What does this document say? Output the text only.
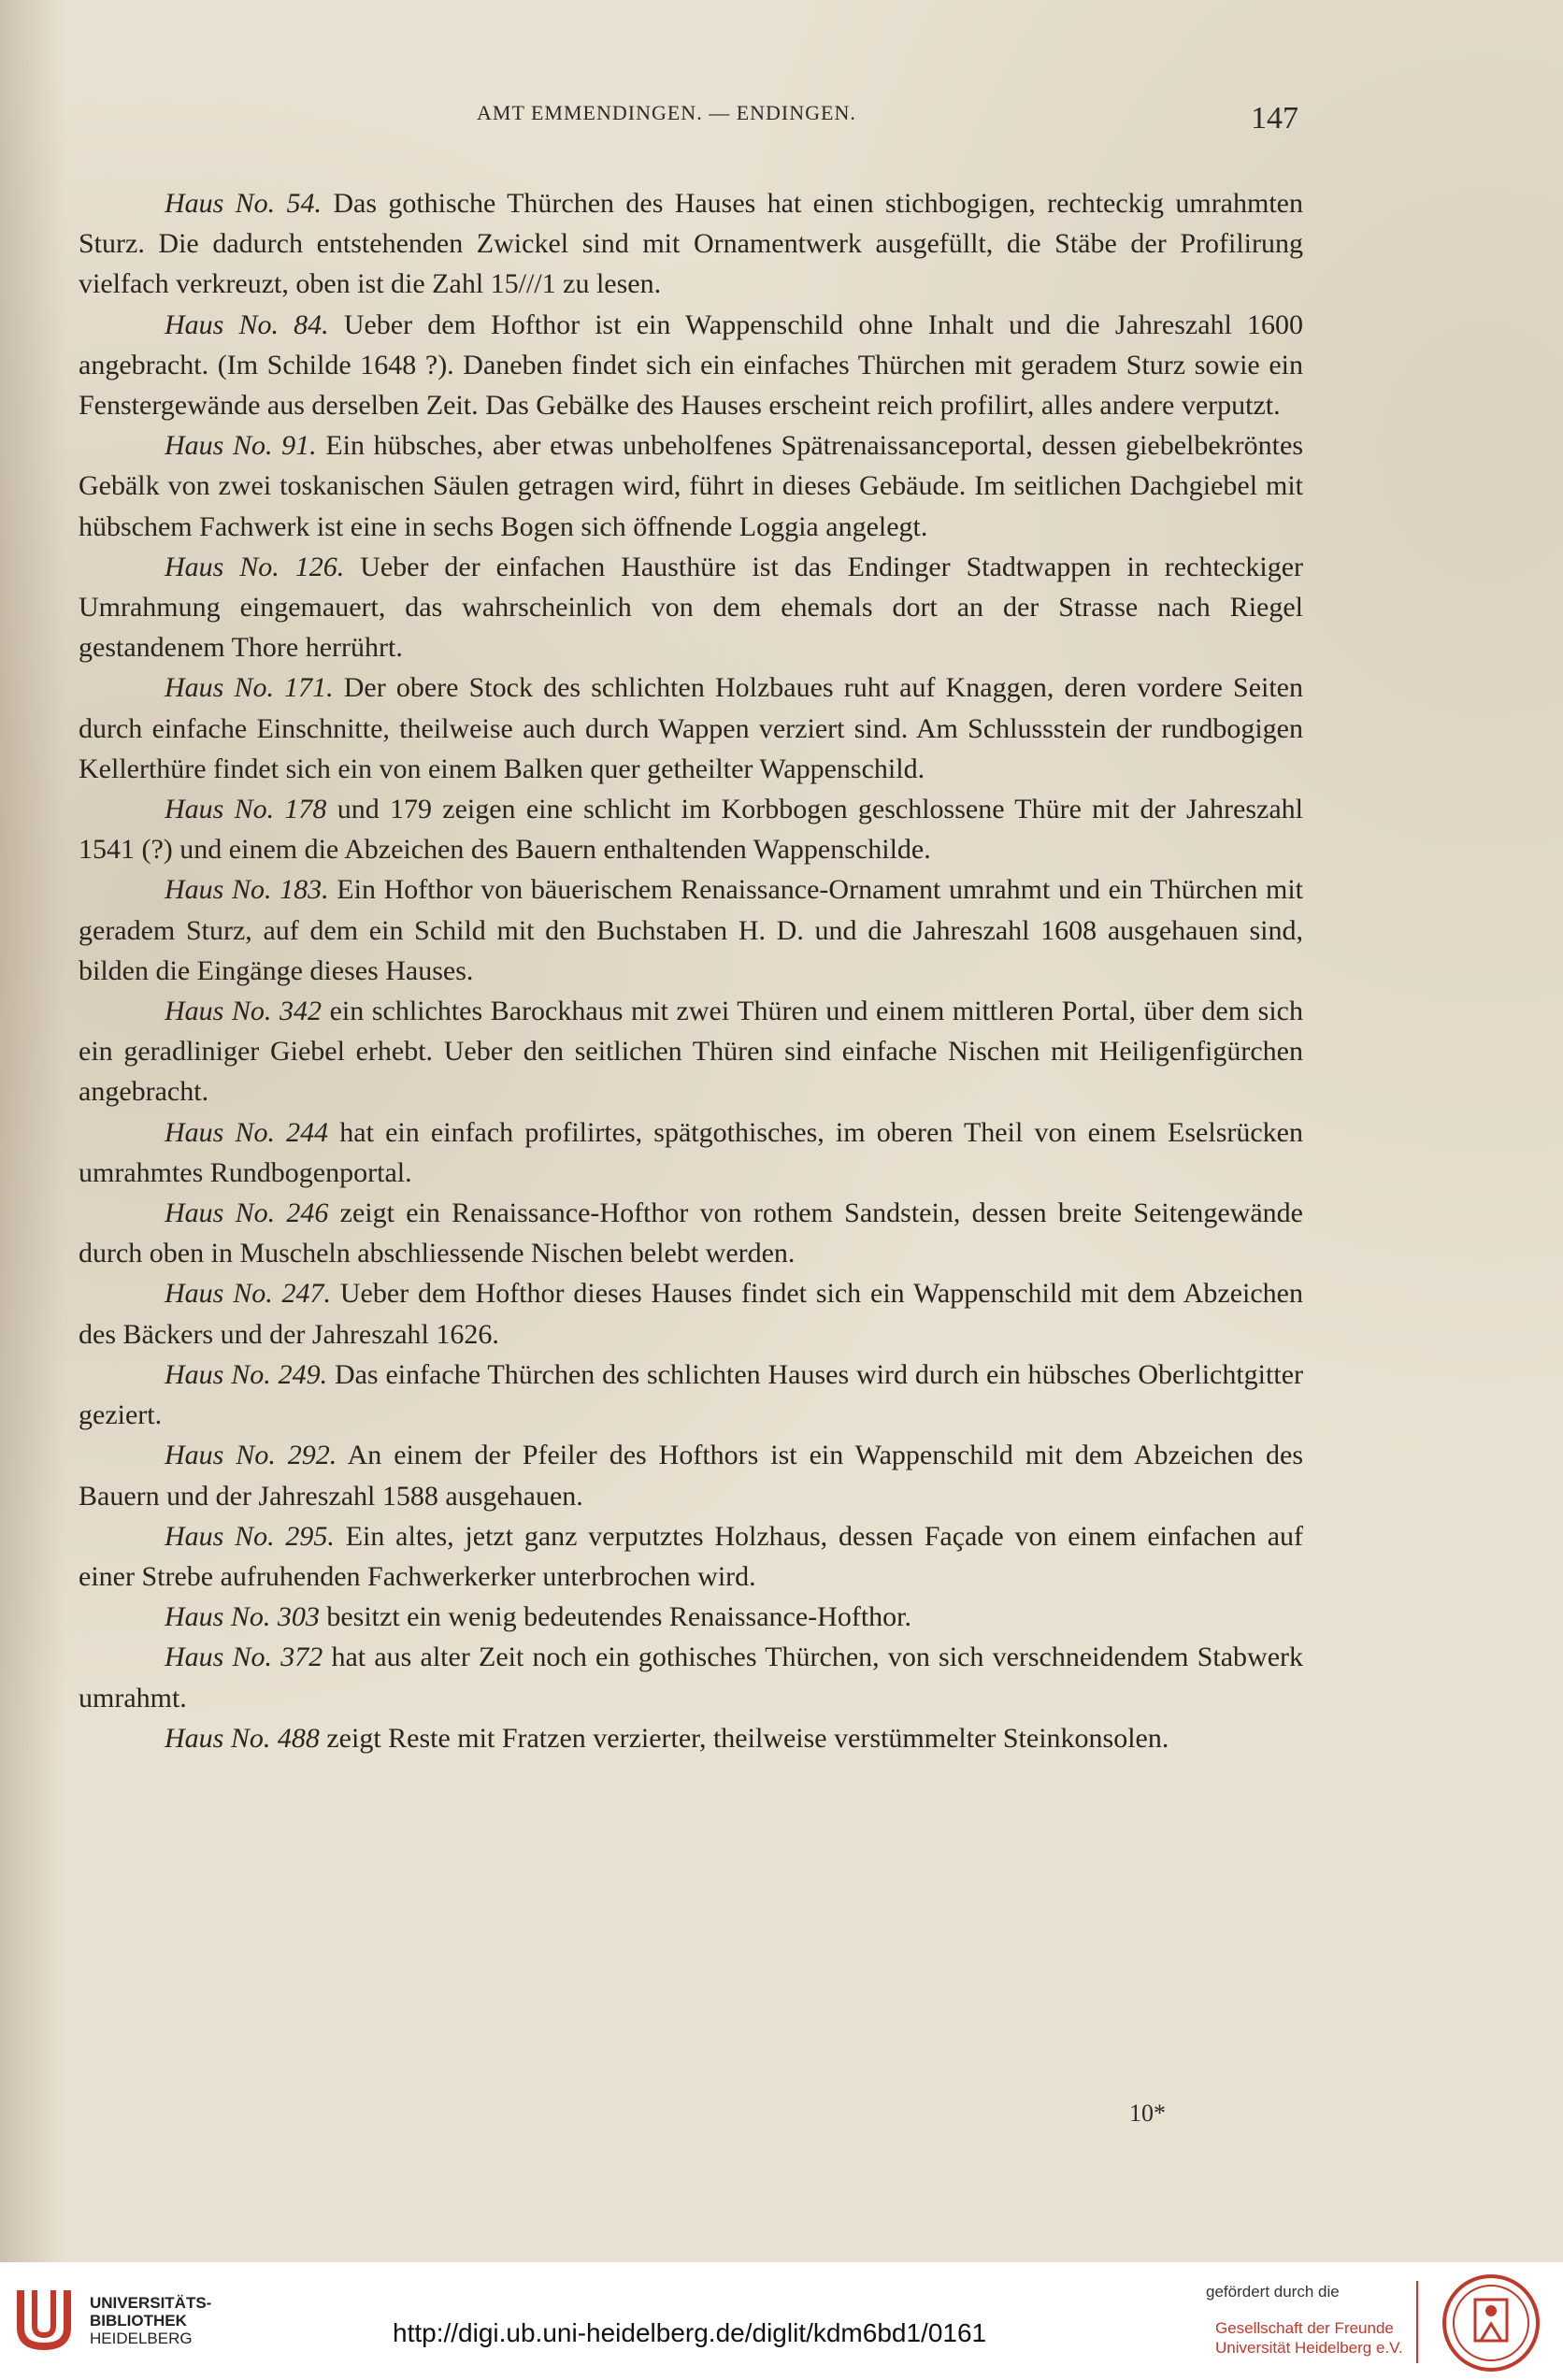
AMT EMMENDINGEN. — ENDINGEN.	147

Haus No. 54. Das gothische Thürchen des Hauses hat einen stichbogigen, rechteckig umrahmten Sturz. Die dadurch entstehenden Zwickel sind mit Ornamentwerk ausgefüllt, die Stäbe der Profilirung vielfach verkreuzt, oben ist die Zahl 15///1 zu lesen.

Haus No. 84. Ueber dem Hofthor ist ein Wappenschild ohne Inhalt und die Jahreszahl 1600 angebracht. (Im Schilde 1648 ?). Daneben findet sich ein einfaches Thürchen mit geradem Sturz sowie ein Fenstergewände aus derselben Zeit. Das Gebälke des Hauses erscheint reich profilirt, alles andere verputzt.

Haus No. 91. Ein hübsches, aber etwas unbeholfenes Spätrenaissanceportal, dessen giebelbekröntes Gebälk von zwei toskanischen Säulen getragen wird, führt in dieses Gebäude. Im seitlichen Dachgiebel mit hübschem Fachwerk ist eine in sechs Bogen sich öffnende Loggia angelegt.

Haus No. 126. Ueber der einfachen Hausthüre ist das Endinger Stadtwappen in rechteckiger Umrahmung eingemauert, das wahrscheinlich von dem ehemals dort an der Strasse nach Riegel gestandenem Thore herrührt.

Haus No. 171. Der obere Stock des schlichten Holzbaues ruht auf Knaggen, deren vordere Seiten durch einfache Einschnitte, theilweise auch durch Wappen verziert sind. Am Schlussstein der rundbogigen Kellerthüre findet sich ein von einem Balken quer getheilter Wappenschild.

Haus No. 178 und 179 zeigen eine schlicht im Korbbogen geschlossene Thüre mit der Jahreszahl 1541 (?) und einem die Abzeichen des Bauern enthaltenden Wappenschilde.

Haus No. 183. Ein Hofthor von bäuerischem Renaissance-Ornament umrahmt und ein Thürchen mit geradem Sturz, auf dem ein Schild mit den Buchstaben H. D. und die Jahreszahl 1608 ausgehauen sind, bilden die Eingänge dieses Hauses.

Haus No. 342 ein schlichtes Barockhaus mit zwei Thüren und einem mittleren Portal, über dem sich ein geradliniger Giebel erhebt. Ueber den seitlichen Thüren sind einfache Nischen mit Heiligenfigürchen angebracht.

Haus No. 244 hat ein einfach profilirtes, spätgothisches, im oberen Theil von einem Eselsrücken umrahmtes Rundbogenportal.

Haus No. 246 zeigt ein Renaissance-Hofthor von rothem Sandstein, dessen breite Seitengewände durch oben in Muscheln abschliessende Nischen belebt werden.

Haus No. 247. Ueber dem Hofthor dieses Hauses findet sich ein Wappenschild mit dem Abzeichen des Bäckers und der Jahreszahl 1626.

Haus No. 249. Das einfache Thürchen des schlichten Hauses wird durch ein hübsches Oberlichtgitter geziert.

Haus No. 292. An einem der Pfeiler des Hofthors ist ein Wappenschild mit dem Abzeichen des Bauern und der Jahreszahl 1588 ausgehauen.

Haus No. 295. Ein altes, jetzt ganz verputztes Holzhaus, dessen Façade von einem einfachen auf einer Strebe aufruhenden Fachwerkerker unterbrochen wird.

Haus No. 303 besitzt ein wenig bedeutendes Renaissance-Hofthor.

Haus No. 372 hat aus alter Zeit noch ein gothisches Thürchen, von sich verschneidendem Stabwerk umrahmt.

Haus No. 488 zeigt Reste mit Fratzen verzierter, theilweise verstümmelter Steinkonsolen.

10*
UNIVERSITÄTS-
BIBLIOTHEK
HEIDELBERG	http://digi.ub.uni-heidelberg.de/diglit/kdm6bd1/0161
gefördert durch die
Gesellschaft der Freunde
Universität Heidelberg e.V.
